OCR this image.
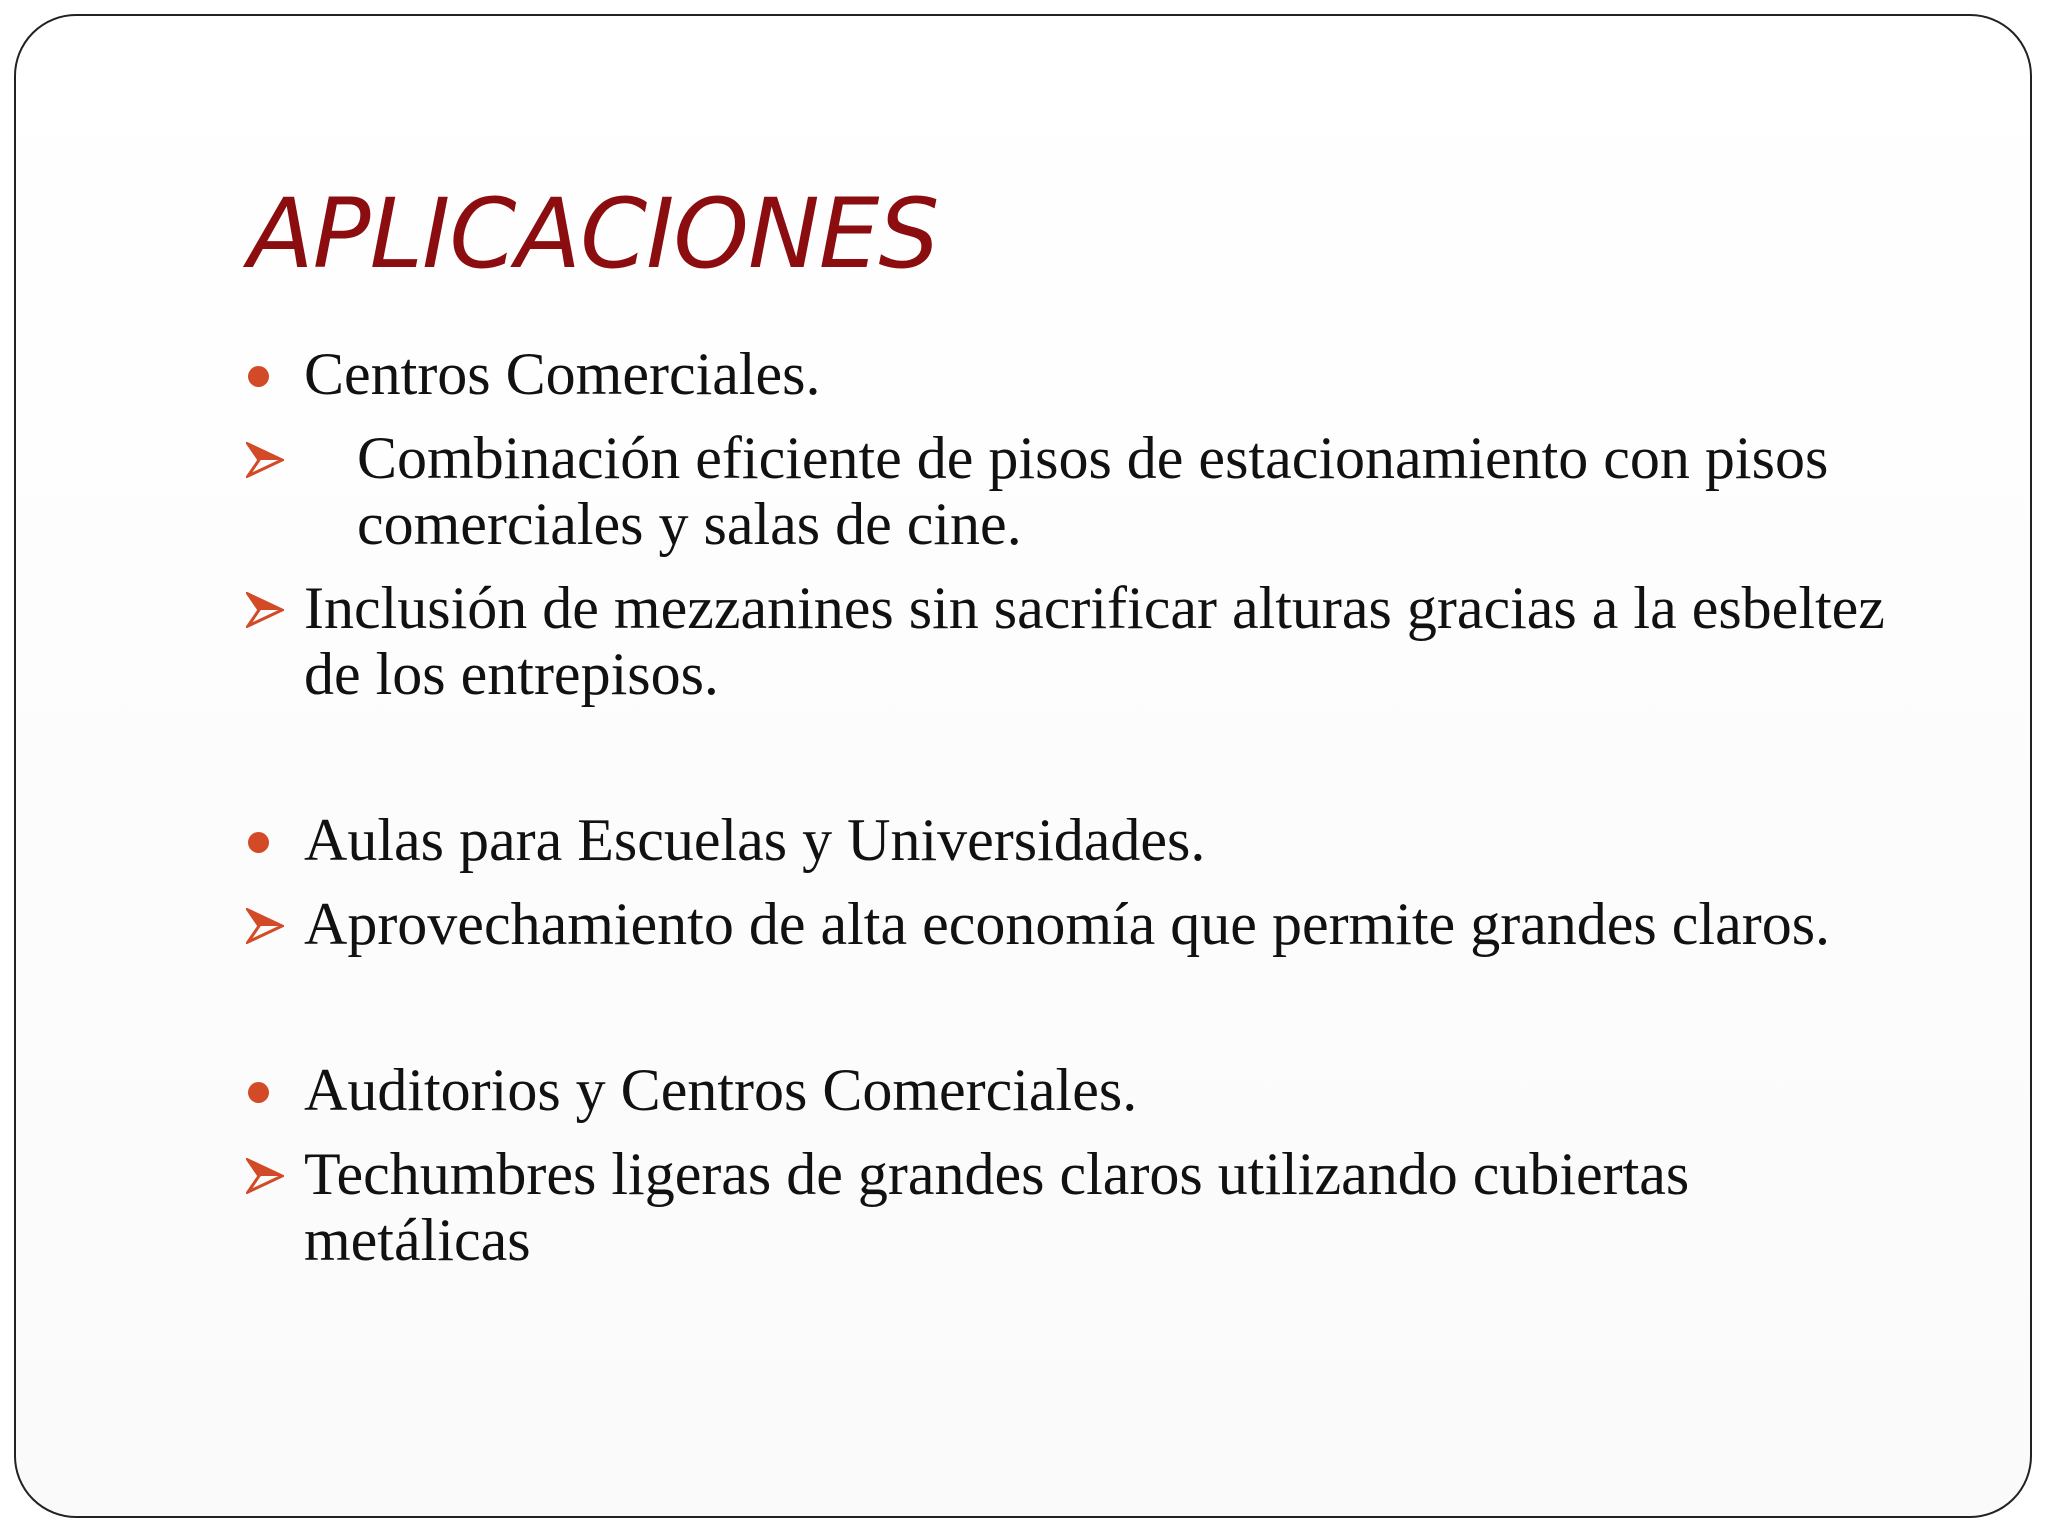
APLICACIONES
Centros Comerciales.
Combinación eficiente de pisos de estacionamiento con pisos comerciales y salas de cine.
Inclusión de mezzanines sin sacrificar alturas gracias a la esbeltez de los entrepisos.
Aulas para Escuelas y Universidades.
Aprovechamiento de alta economía que permite grandes claros.
Auditorios y Centros Comerciales.
Techumbres ligeras de grandes claros utilizando cubiertas metálicas
